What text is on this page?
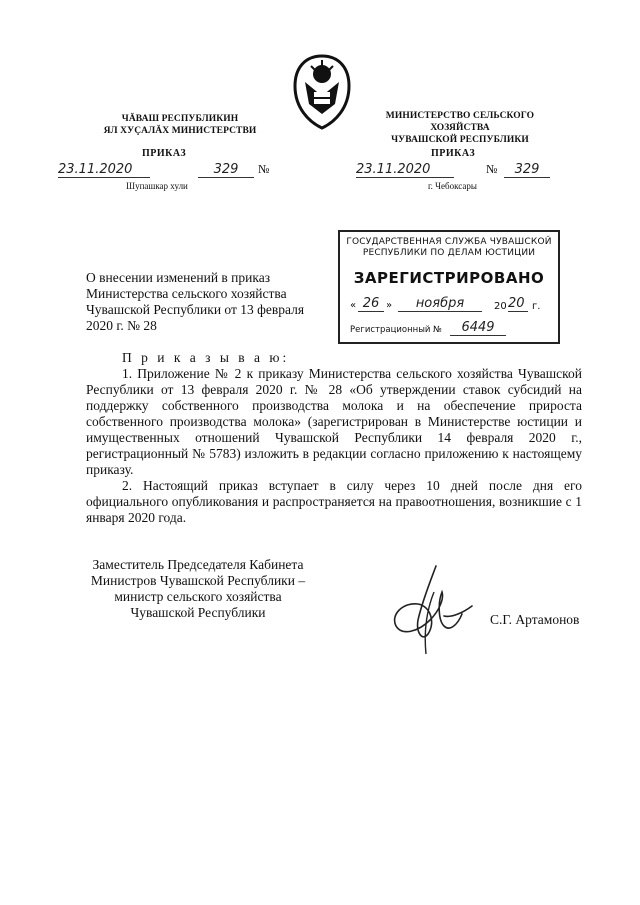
ЧĂВАШ РЕСПУБЛИКИН
ЯЛ ХУÇАЛĂХ МИНИСТЕРСТВИ
ПРИКАЗ
23.11.2020	329	№
Шупашкар хули
МИНИСТЕРСТВО СЕЛЬСКОГО ХОЗЯЙСТВА
ЧУВАШСКОЙ РЕСПУБЛИКИ
ПРИКАЗ
23.11.2020	№	329
г. Чебоксары
ГОСУДАРСТВЕННАЯ СЛУЖБА ЧУВАШСКОЙ
РЕСПУБЛИКИ ПО ДЕЛАМ ЮСТИЦИИ
ЗАРЕГИСТРИРОВАНО
« 26 »	ноября	20 20 г.
Регистрационный №	6449
О внесении изменений в приказ Министерства сельского хозяйства Чувашской Республики от 13 февраля 2020 г. № 28

П р и к а з ы в а ю:

1. Приложение № 2 к приказу Министерства сельского хозяйства Чувашской Республики от 13 февраля 2020 г. № 28 «Об утверждении ставок субсидий на поддержку собственного производства молока и на обеспечение прироста собственного производства молока» (зарегистрирован в Министерстве юстиции и имущественных отношений Чувашской Республики 14 февраля 2020 г., регистрационный № 5783) изложить в редакции согласно приложению к настоящему приказу.

2. Настоящий приказ вступает в силу через 10 дней после дня его официального опубликования и распространяется на правоотношения, возникшие с 1 января 2020 года.

Заместитель Председателя Кабинета
Министров Чувашской Республики –
министр сельского хозяйства
Чувашской Республики	С.Г. Артамонов
